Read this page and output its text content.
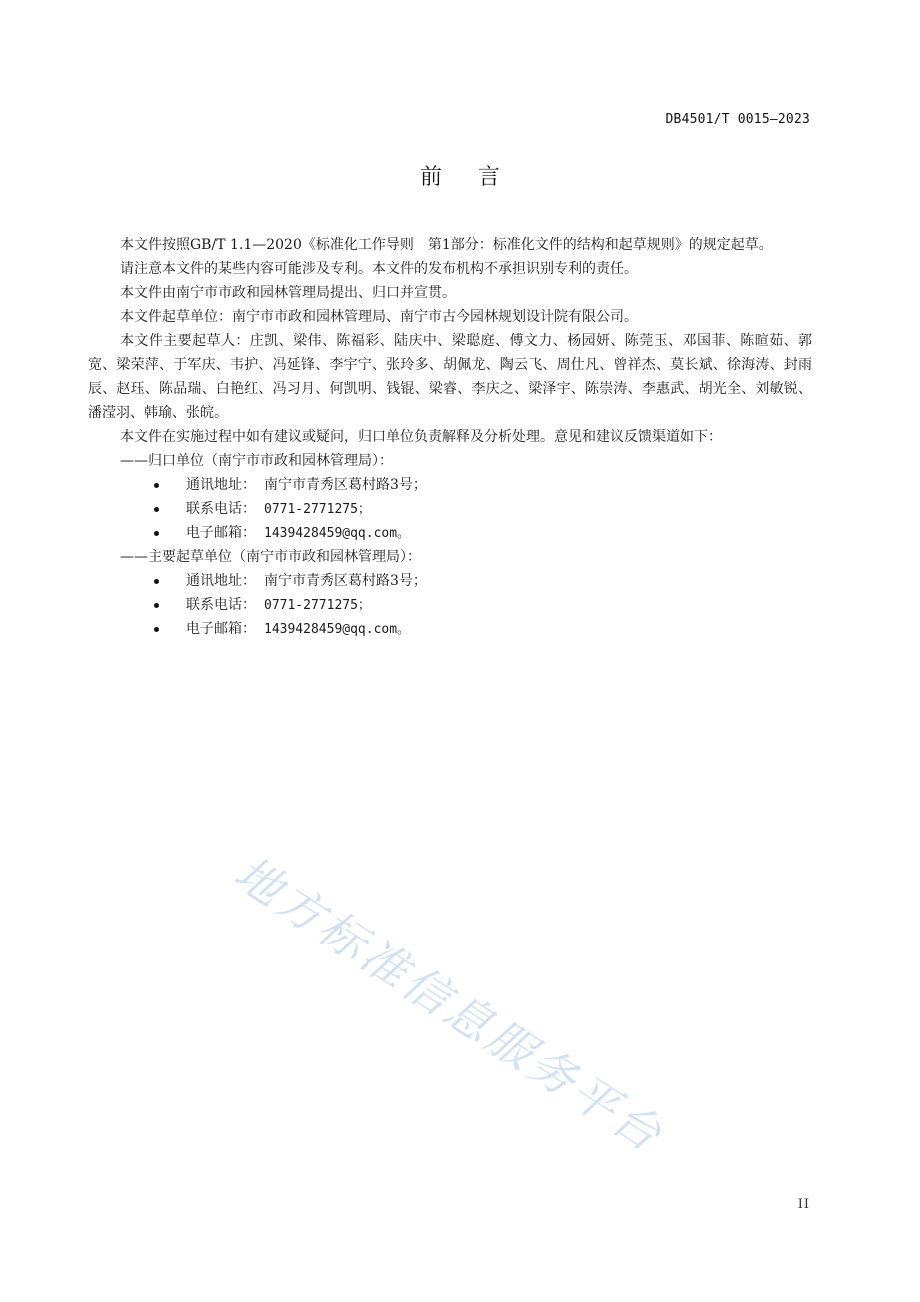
DB4501/T 0015—2023
前言

本文件按照GB/T 1.1—2020《标准化工作导则　第1部分：标准化文件的结构和起草规则》的规定起草。

请注意本文件的某些内容可能涉及专利。本文件的发布机构不承担识别专利的责任。

本文件由南宁市市政和园林管理局提出、归口并宣贯。

本文件起草单位：南宁市市政和园林管理局、南宁市古今园林规划设计院有限公司。

本文件主要起草人：庄凯、梁伟、陈福彩、陆庆中、梁聪庭、傅文力、杨园妍、陈莞玉、邓国菲、陈暄茹、郭宽、梁荣萍、于军庆、韦护、冯延锋、李宇宁、张玲多、胡佩龙、陶云飞、周仕凡、曾祥杰、莫长斌、徐海涛、封雨辰、赵珏、陈品瑞、白艳红、冯习月、何凯明、钱锟、梁睿、李庆之、梁泽宇、陈崇涛、李惠武、胡光全、刘敏锐、潘滢羽、韩瑜、张皖。

本文件在实施过程中如有建议或疑问，归口单位负责解释及分析处理。意见和建议反馈渠道如下：

——归口单位（南宁市市政和园林管理局）：

通讯地址： 南宁市青秀区葛村路3号；
联系电话： 0771-2771275；
电子邮箱： 1439428459@qq.com。

——主要起草单位（南宁市市政和园林管理局）：

通讯地址： 南宁市青秀区葛村路3号；
联系电话： 0771-2771275；
电子邮箱： 1439428459@qq.com。
地方标准信息服务平台
II
